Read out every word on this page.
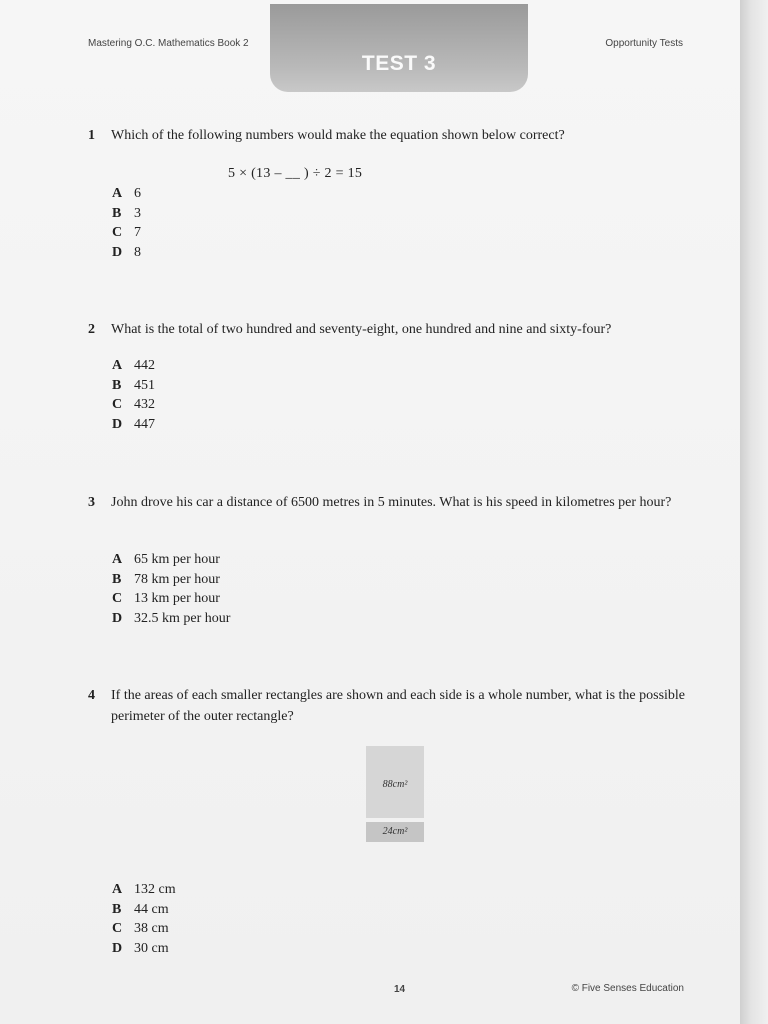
Mastering O.C. Mathematics Book 2	Opportunity Tests
TEST 3
1 Which of the following numbers would make the equation shown below correct?
5 × (13 – __ ) ÷ 2 = 15
A 6
B 3
C 7
D 8
2 What is the total of two hundred and seventy-eight, one hundred and nine and sixty-four?
A 442
B 451
C 432
D 447
3 John drove his car a distance of 6500 metres in 5 minutes. What is his speed in kilometres per hour?
A 65 km per hour
B 78 km per hour
C 13 km per hour
D 32.5 km per hour
4 If the areas of each smaller rectangles are shown and each side is a whole number, what is the possible perimeter of the outer rectangle?
88cm²
24cm²
A 132 cm
B 44 cm
C 38 cm
D 30 cm
14	© Five Senses Education
